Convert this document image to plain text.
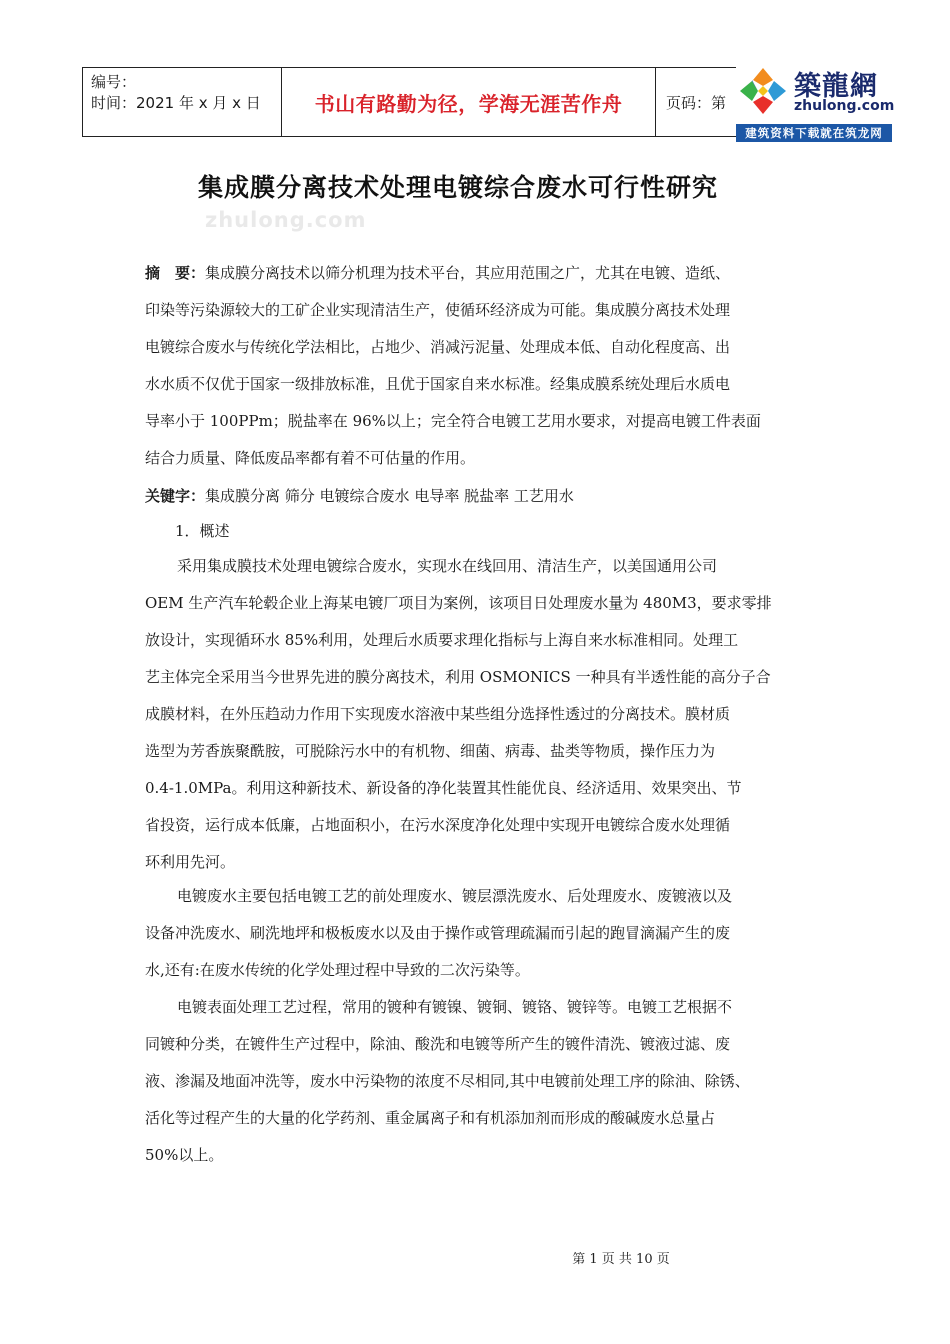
编号：
时间：2021 年 x 月 x 日	书山有路勤为径，学海无涯苦作舟	页码：第
築龍網
zhulong.com
建筑资料下载就在筑龙网
集成膜分离技术处理电镀综合废水可行性研究
zhulong.com
摘　要：集成膜分离技术以筛分机理为技术平台，其应用范围之广，尤其在电镀、造纸、
印染等污染源较大的工矿企业实现清洁生产，使循环经济成为可能。集成膜分离技术处理
电镀综合废水与传统化学法相比，占地少、消减污泥量、处理成本低、自动化程度高、出
水水质不仅优于国家一级排放标准，且优于国家自来水标准。经集成膜系统处理后水质电
导率小于 100PPm；脱盐率在 96%以上；完全符合电镀工艺用水要求，对提高电镀工件表面
结合力质量、降低废品率都有着不可估量的作用。
关键字：集成膜分离 筛分 电镀综合废水 电导率 脱盐率 工艺用水
1．概述
采用集成膜技术处理电镀综合废水，实现水在线回用、清洁生产，以美国通用公司
OEM 生产汽车轮毂企业上海某电镀厂项目为案例，该项目日处理废水量为 480M3，要求零排
放设计，实现循环水 85%利用，处理后水质要求理化指标与上海自来水标准相同。处理工
艺主体完全采用当今世界先进的膜分离技术，利用 OSMONICS 一种具有半透性能的高分子合
成膜材料，在外压趋动力作用下实现废水溶液中某些组分选择性透过的分离技术。膜材质
选型为芳香族聚酰胺，可脱除污水中的有机物、细菌、病毒、盐类等物质，操作压力为
0.4-1.0MPa。利用这种新技术、新设备的净化装置其性能优良、经济适用、效果突出、节
省投资，运行成本低廉，占地面积小，在污水深度净化处理中实现开电镀综合废水处理循
环利用先河。
电镀废水主要包括电镀工艺的前处理废水、镀层漂洗废水、后处理废水、废镀液以及
设备冲洗废水、刷洗地坪和极板废水以及由于操作或管理疏漏而引起的跑冒滴漏产生的废
水,还有:在废水传统的化学处理过程中导致的二次污染等。
电镀表面处理工艺过程，常用的镀种有镀镍、镀铜、镀铬、镀锌等。电镀工艺根据不
同镀种分类，在镀件生产过程中，除油、酸洗和电镀等所产生的镀件清洗、镀液过滤、废
液、渗漏及地面冲洗等，废水中污染物的浓度不尽相同,其中电镀前处理工序的除油、除锈、
活化等过程产生的大量的化学药剂、重金属离子和有机添加剂而形成的酸碱废水总量占
50%以上。
第 1 页 共 10 页
